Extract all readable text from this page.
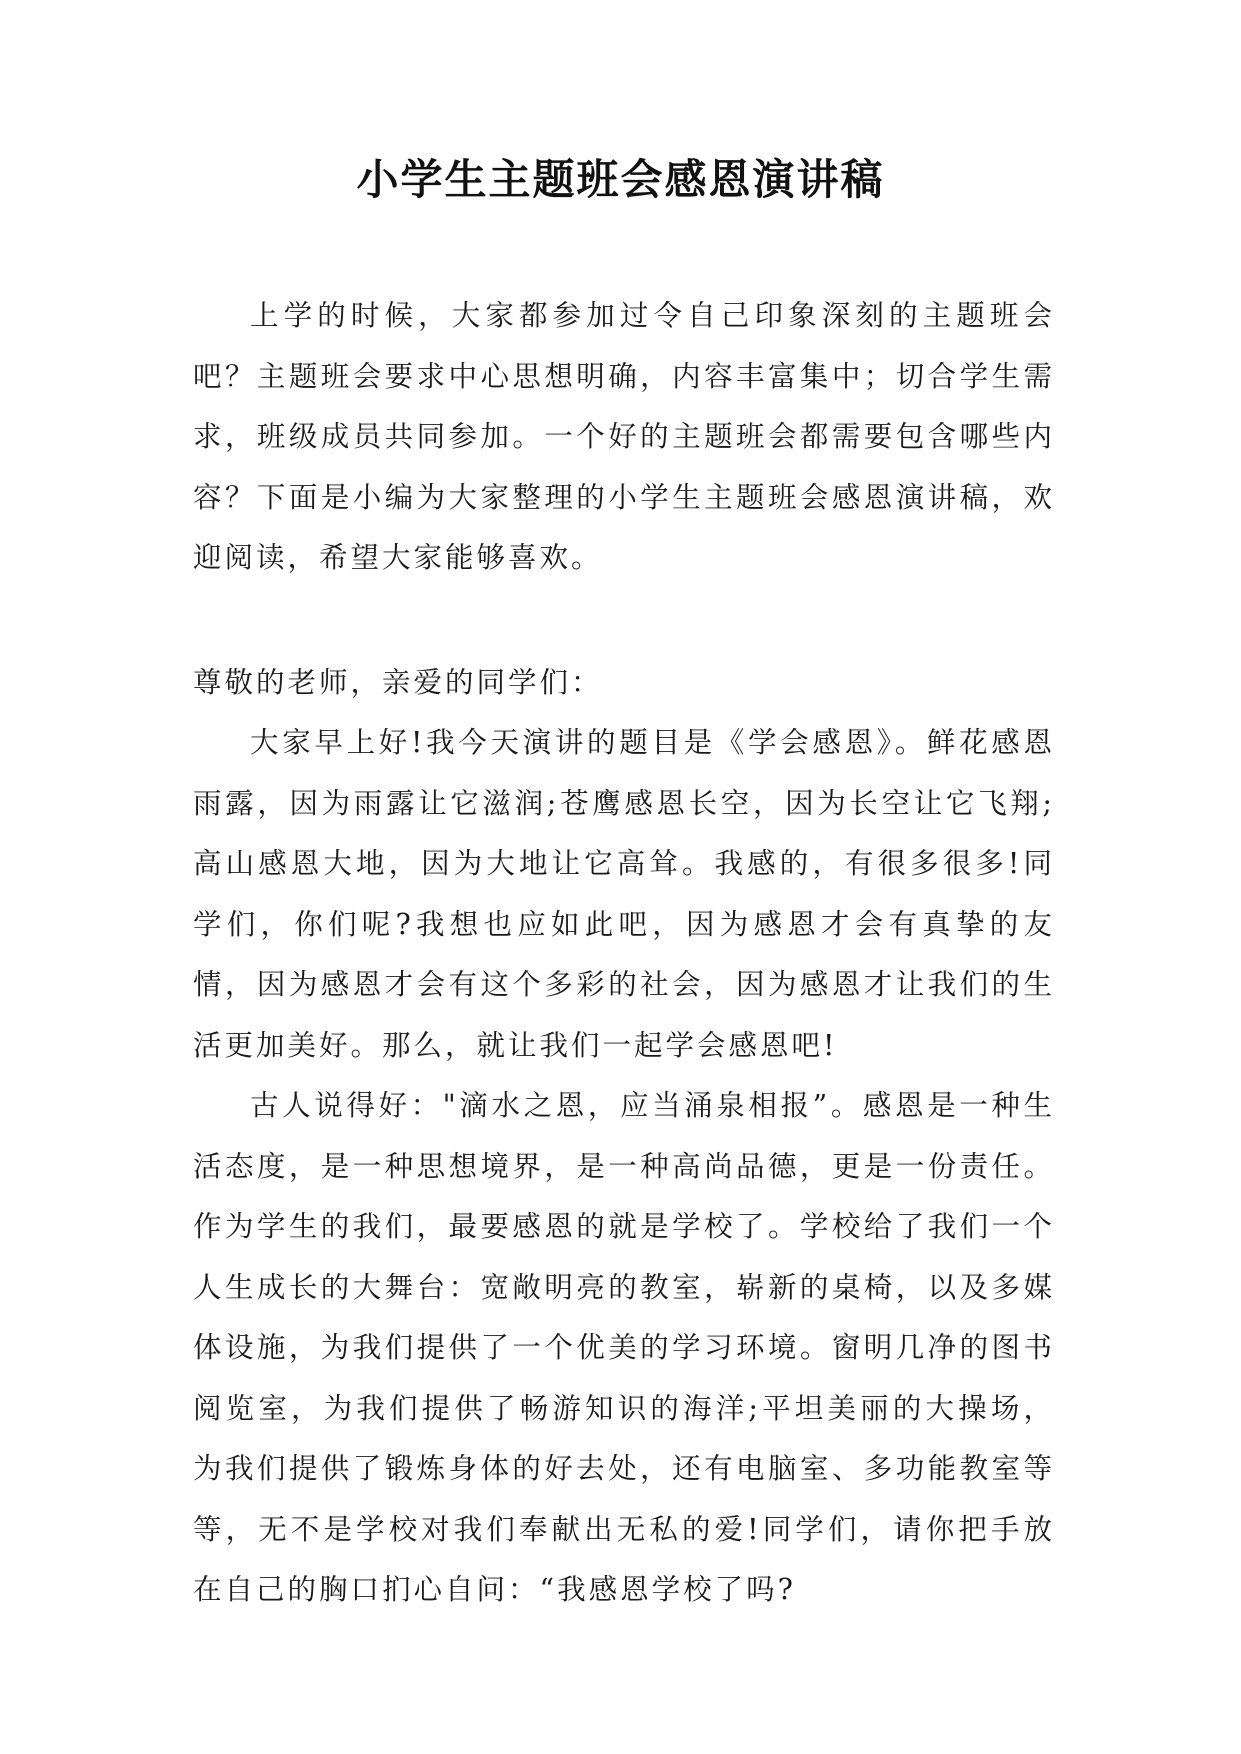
小学生主题班会感恩演讲稿

上学的时候，大家都参加过令自己印象深刻的主题班会吧？主题班会要求中心思想明确，内容丰富集中；切合学生需求，班级成员共同参加。一个好的主题班会都需要包含哪些内容？下面是小编为大家整理的小学生主题班会感恩演讲稿，欢迎阅读，希望大家能够喜欢。

尊敬的老师，亲爱的同学们：

大家早上好!我今天演讲的题目是《学会感恩》。鲜花感恩雨露，因为雨露让它滋润;苍鹰感恩长空，因为长空让它飞翔;高山感恩大地，因为大地让它高耸。我感的，有很多很多!同学们，你们呢?我想也应如此吧，因为感恩才会有真挚的友情，因为感恩才会有这个多彩的社会，因为感恩才让我们的生活更加美好。那么，就让我们一起学会感恩吧!

古人说得好："滴水之恩，应当涌泉相报”。感恩是一种生活态度，是一种思想境界，是一种高尚品德，更是一份责任。作为学生的我们，最要感恩的就是学校了。学校给了我们一个人生成长的大舞台：宽敞明亮的教室，崭新的桌椅，以及多媒体设施，为我们提供了一个优美的学习环境。窗明几净的图书阅览室，为我们提供了畅游知识的海洋;平坦美丽的大操场，为我们提供了锻炼身体的好去处，还有电脑室、多功能教室等等，无不是学校对我们奉献出无私的爱!同学们，请你把手放在自己的胸口扪心自问：“我感恩学校了吗?
